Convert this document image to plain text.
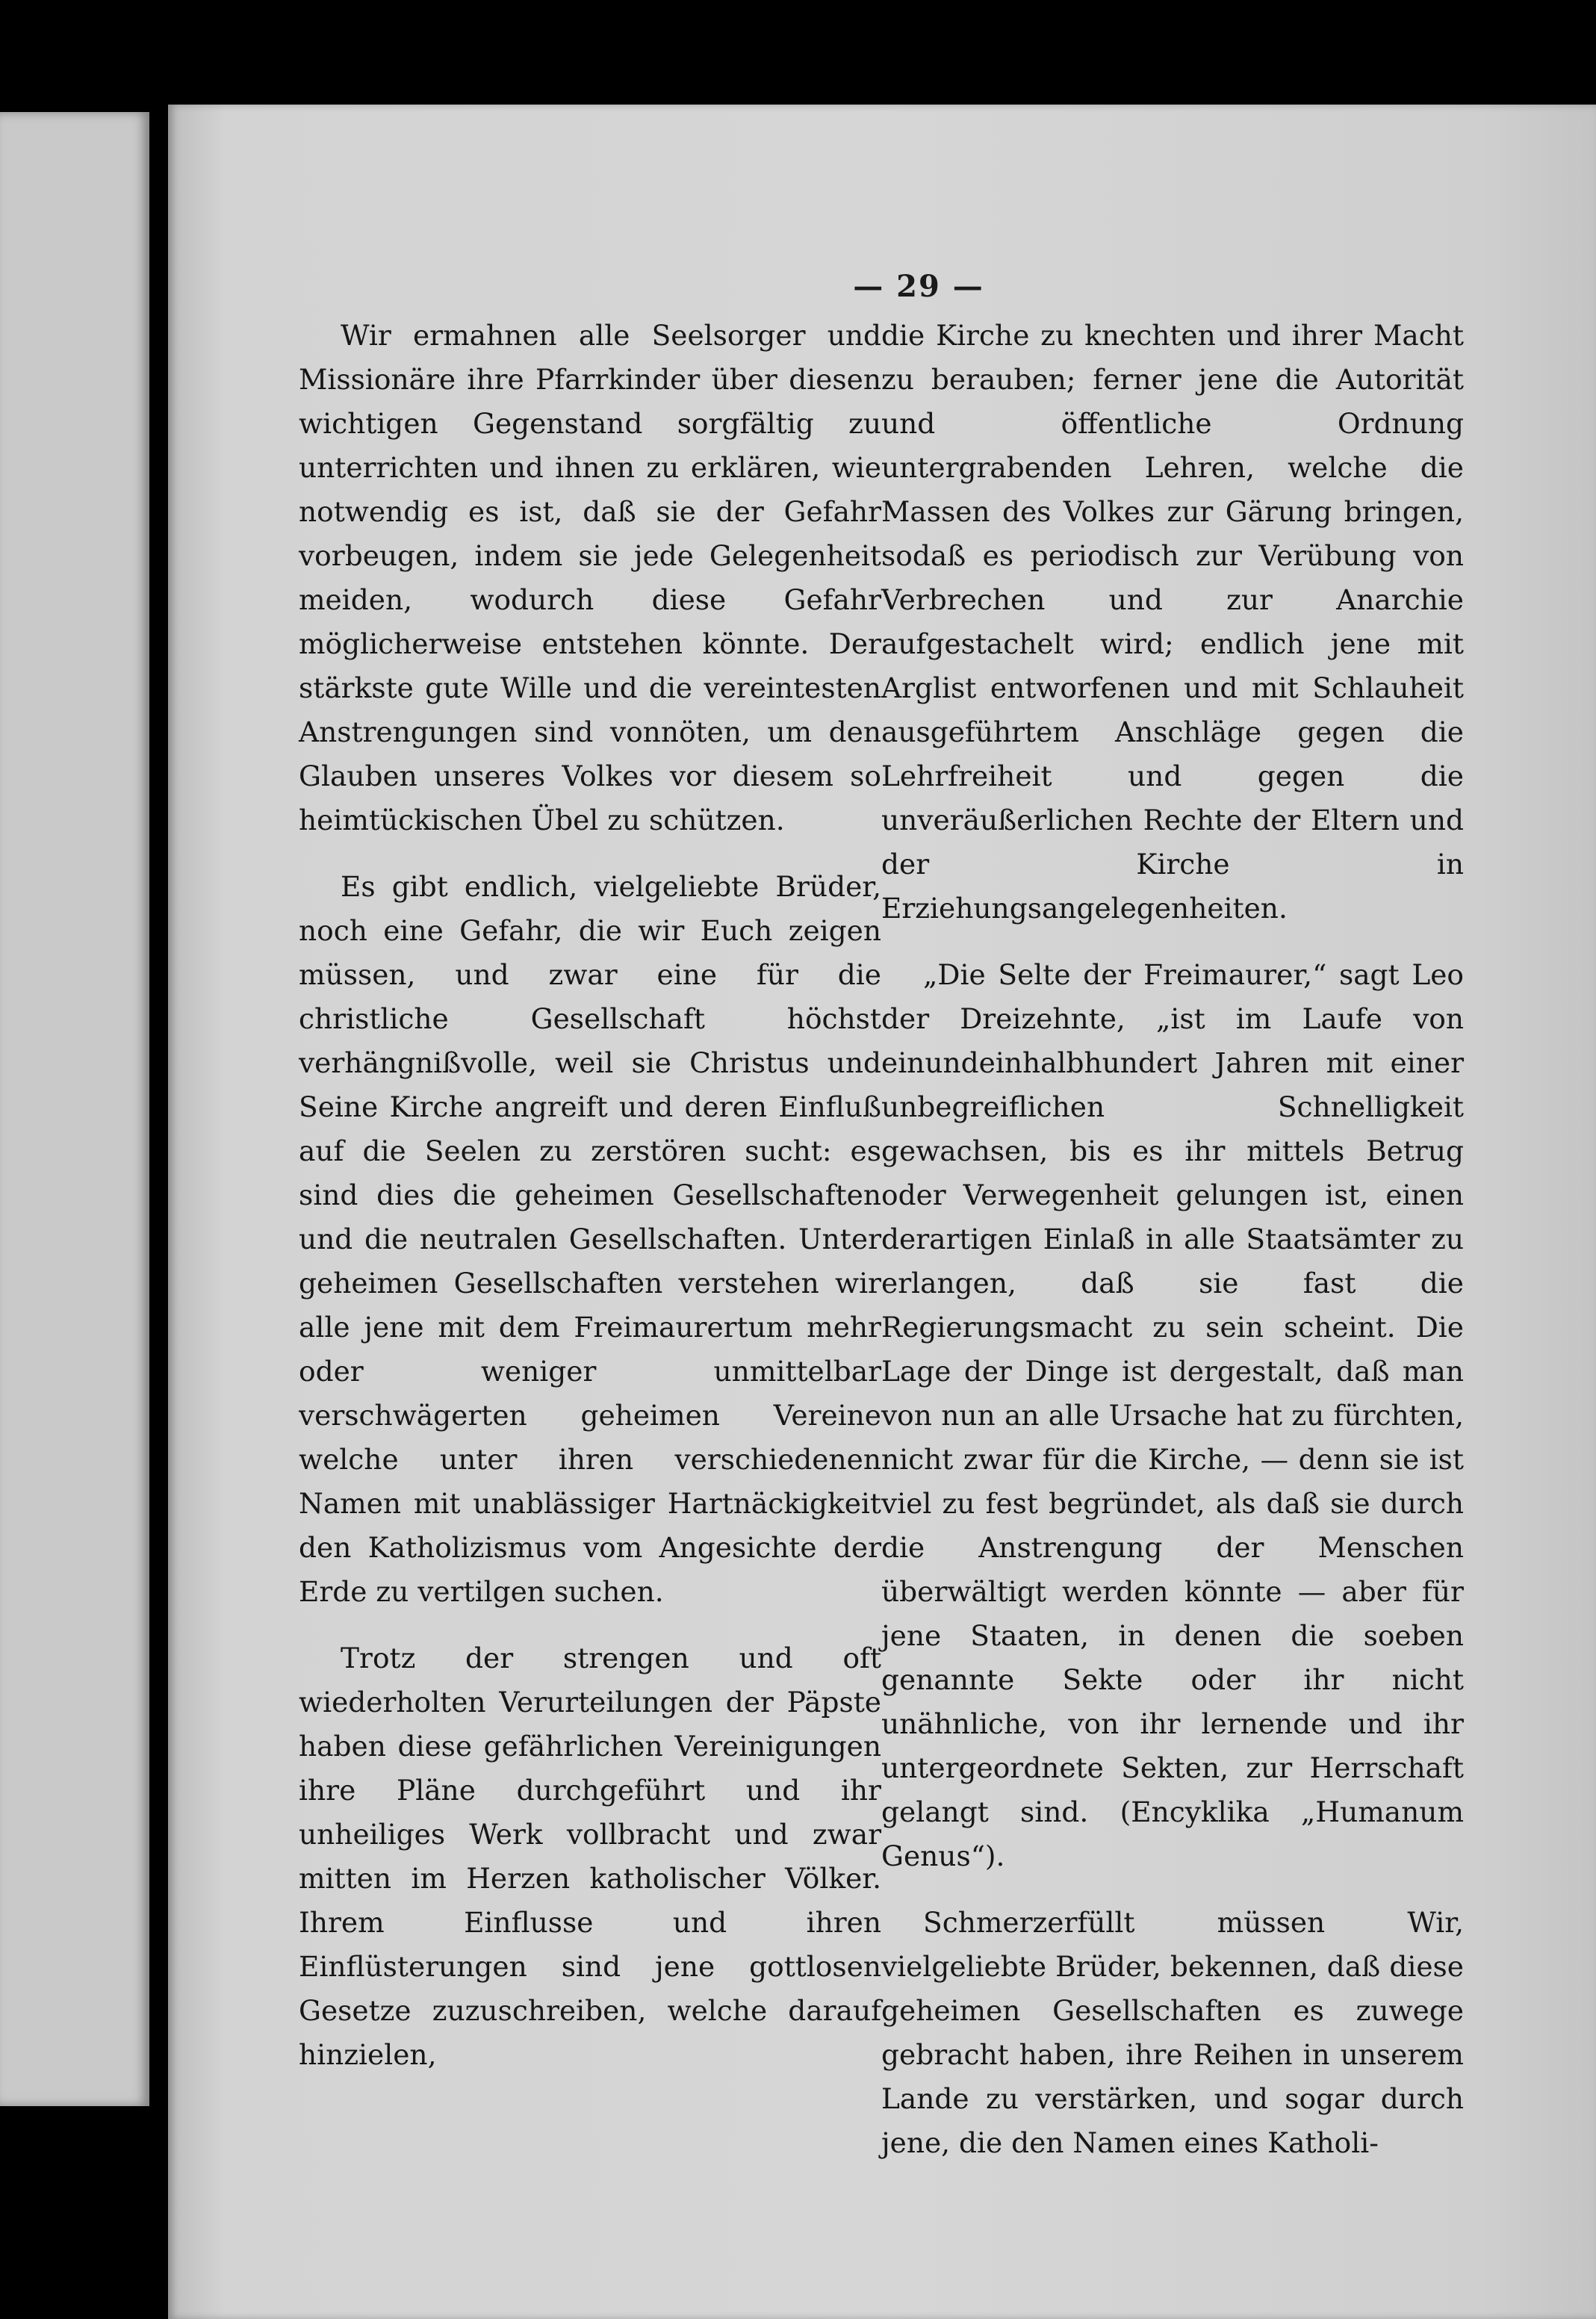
— 29 —

Wir ermahnen alle Seelsorger und Missionäre ihre Pfarrkinder über diesen wichtigen Gegenstand sorgfältig zu unterrichten und ihnen zu erklären, wie notwendig es ist, daß sie der Gefahr vorbeugen, indem sie jede Gelegenheit meiden, wodurch diese Gefahr möglicherweise entstehen könnte. Der stärkste gute Wille und die vereintesten Anstrengungen sind vonnöten, um den Glauben unseres Volkes vor diesem so heimtückischen Übel zu schützen.

Es gibt endlich, vielgeliebte Brüder, noch eine Gefahr, die wir Euch zeigen müssen, und zwar eine für die christliche Gesellschaft höchst verhängnißvolle, weil sie Christus und Seine Kirche angreift und deren Einfluß auf die Seelen zu zerstören sucht: es sind dies die geheimen Gesellschaften und die neutralen Gesellschaften. Unter geheimen Gesellschaften verstehen wir alle jene mit dem Freimaurertum mehr oder weniger unmittelbar verschwägerten geheimen Vereine welche unter ihren verschiedenen Namen mit unablässiger Hartnäckigkeit den Katholizismus vom Angesichte der Erde zu vertilgen suchen.

Trotz der strengen und oft wiederholten Verurteilungen der Päpste haben diese gefährlichen Vereinigungen ihre Pläne durchgeführt und ihr unheiliges Werk vollbracht und zwar mitten im Herzen katholischer Völker. Ihrem Einflusse und ihren Einflüsterungen sind jene gottlosen Gesetze zuzuschreiben, welche darauf hinzielen,

die Kirche zu knechten und ihrer Macht zu berauben; ferner jene die Autorität und öffentliche Ordnung untergrabenden Lehren, welche die Massen des Volkes zur Gärung bringen, sodaß es periodisch zur Verübung von Verbrechen und zur Anarchie aufgestachelt wird; endlich jene mit Arglist entworfenen und mit Schlauheit ausgeführtem Anschläge gegen die Lehrfreiheit und gegen die unveräußerlichen Rechte der Eltern und der Kirche in Erziehungsangelegenheiten.

„Die Selte der Freimaurer,“ sagt Leo der Dreizehnte, „ist im Laufe von einundeinhalbhundert Jahren mit einer unbegreiflichen Schnelligkeit gewachsen, bis es ihr mittels Betrug oder Verwegenheit gelungen ist, einen derartigen Einlaß in alle Staatsämter zu erlangen, daß sie fast die Regierungsmacht zu sein scheint. Die Lage der Dinge ist dergestalt, daß man von nun an alle Ursache hat zu fürchten, nicht zwar für die Kirche, — denn sie ist viel zu fest begründet, als daß sie durch die Anstrengung der Menschen überwältigt werden könnte — aber für jene Staaten, in denen die soeben genannte Sekte oder ihr nicht unähnliche, von ihr lernende und ihr untergeordnete Sekten, zur Herrschaft gelangt sind. (Encyklika „Humanum Genus“).

Schmerzerfüllt müssen Wir, vielgeliebte Brüder, bekennen, daß diese geheimen Gesellschaften es zuwege gebracht haben, ihre Reihen in unserem Lande zu verstärken, und sogar durch jene, die den Namen eines Katholi-
